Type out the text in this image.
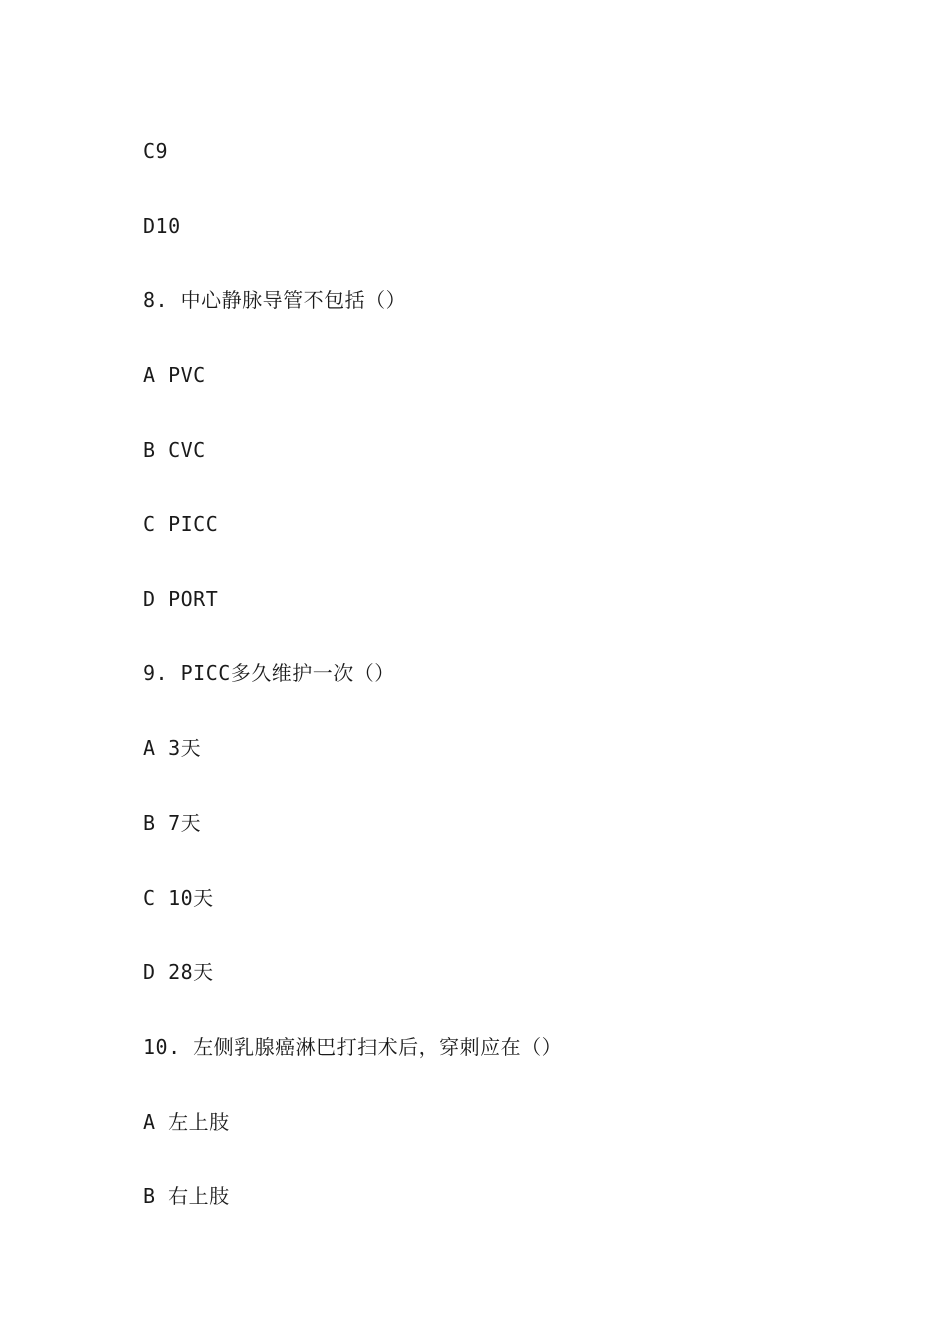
C9
D10
8. 中心静脉导管不包括（）
A PVC
B CVC
C PICC
D PORT
9. PICC多久维护一次（）
A 3天
B 7天
C 10天
D 28天
10. 左侧乳腺癌淋巴打扫术后，穿刺应在（）
A 左上肢
B 右上肢
